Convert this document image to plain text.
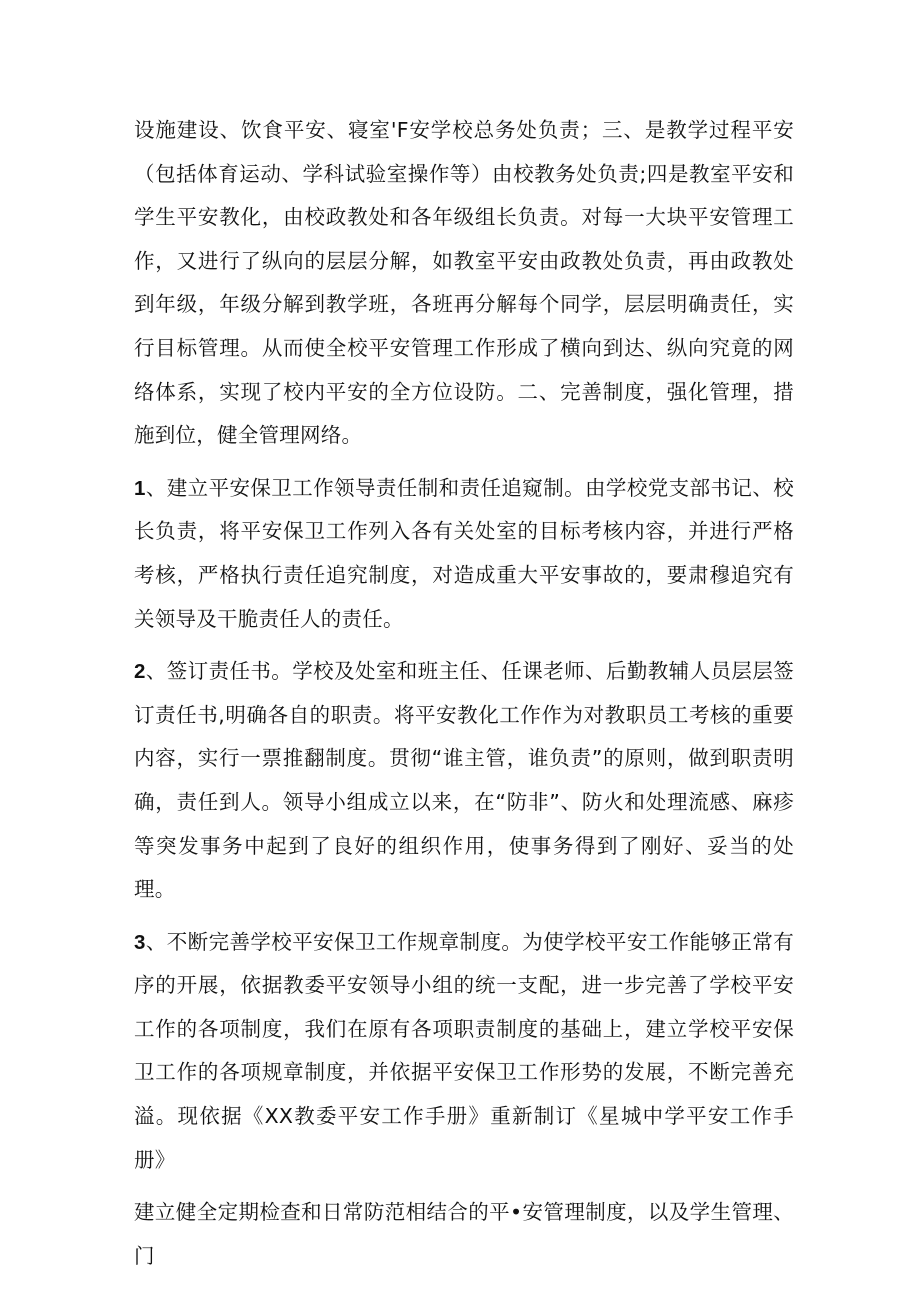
设施建设、饮食平安、寝室'F安学校总务处负责；三、是教学过程平安（包括体育运动、学科试验室操作等）由校教务处负责;四是教室平安和学生平安教化，由校政教处和各年级组长负责。对每一大块平安管理工作，又进行了纵向的层层分解，如教室平安由政教处负责，再由政教处到年级，年级分解到教学班，各班再分解每个同学，层层明确责任，实行目标管理。从而使全校平安管理工作形成了横向到达、纵向究竟的网络体系，实现了校内平安的全方位设防。二、完善制度，强化管理，措施到位，健全管理网络。

1、建立平安保卫工作领导责任制和责任追窥制。由学校党支部书记、校长负责，将平安保卫工作列入各有关处室的目标考核内容，并进行严格考核，严格执行责任追究制度，对造成重大平安事故的，要肃穆追究有关领导及干脆责任人的责任。

2、签订责任书。学校及处室和班主任、任课老师、后勤教辅人员层层签订责任书,明确各自的职责。将平安教化工作作为对教职员工考核的重要内容，实行一票推翻制度。贯彻“谁主管，谁负责”的原则，做到职责明确，责任到人。领导小组成立以来，在“防非”、防火和处理流感、麻疹等突发事务中起到了良好的组织作用，使事务得到了刚好、妥当的处理。

3、不断完善学校平安保卫工作规章制度。为使学校平安工作能够正常有序的开展，依据教委平安领导小组的统一支配，进一步完善了学校平安工作的各项制度，我们在原有各项职责制度的基础上，建立学校平安保卫工作的各项规章制度，并依据平安保卫工作形势的发展，不断完善充溢。现依据《XX教委平安工作手册》重新制订《星城中学平安工作手册》

建立健全定期检查和日常防范相结合的平•安管理制度，以及学生管理、门
